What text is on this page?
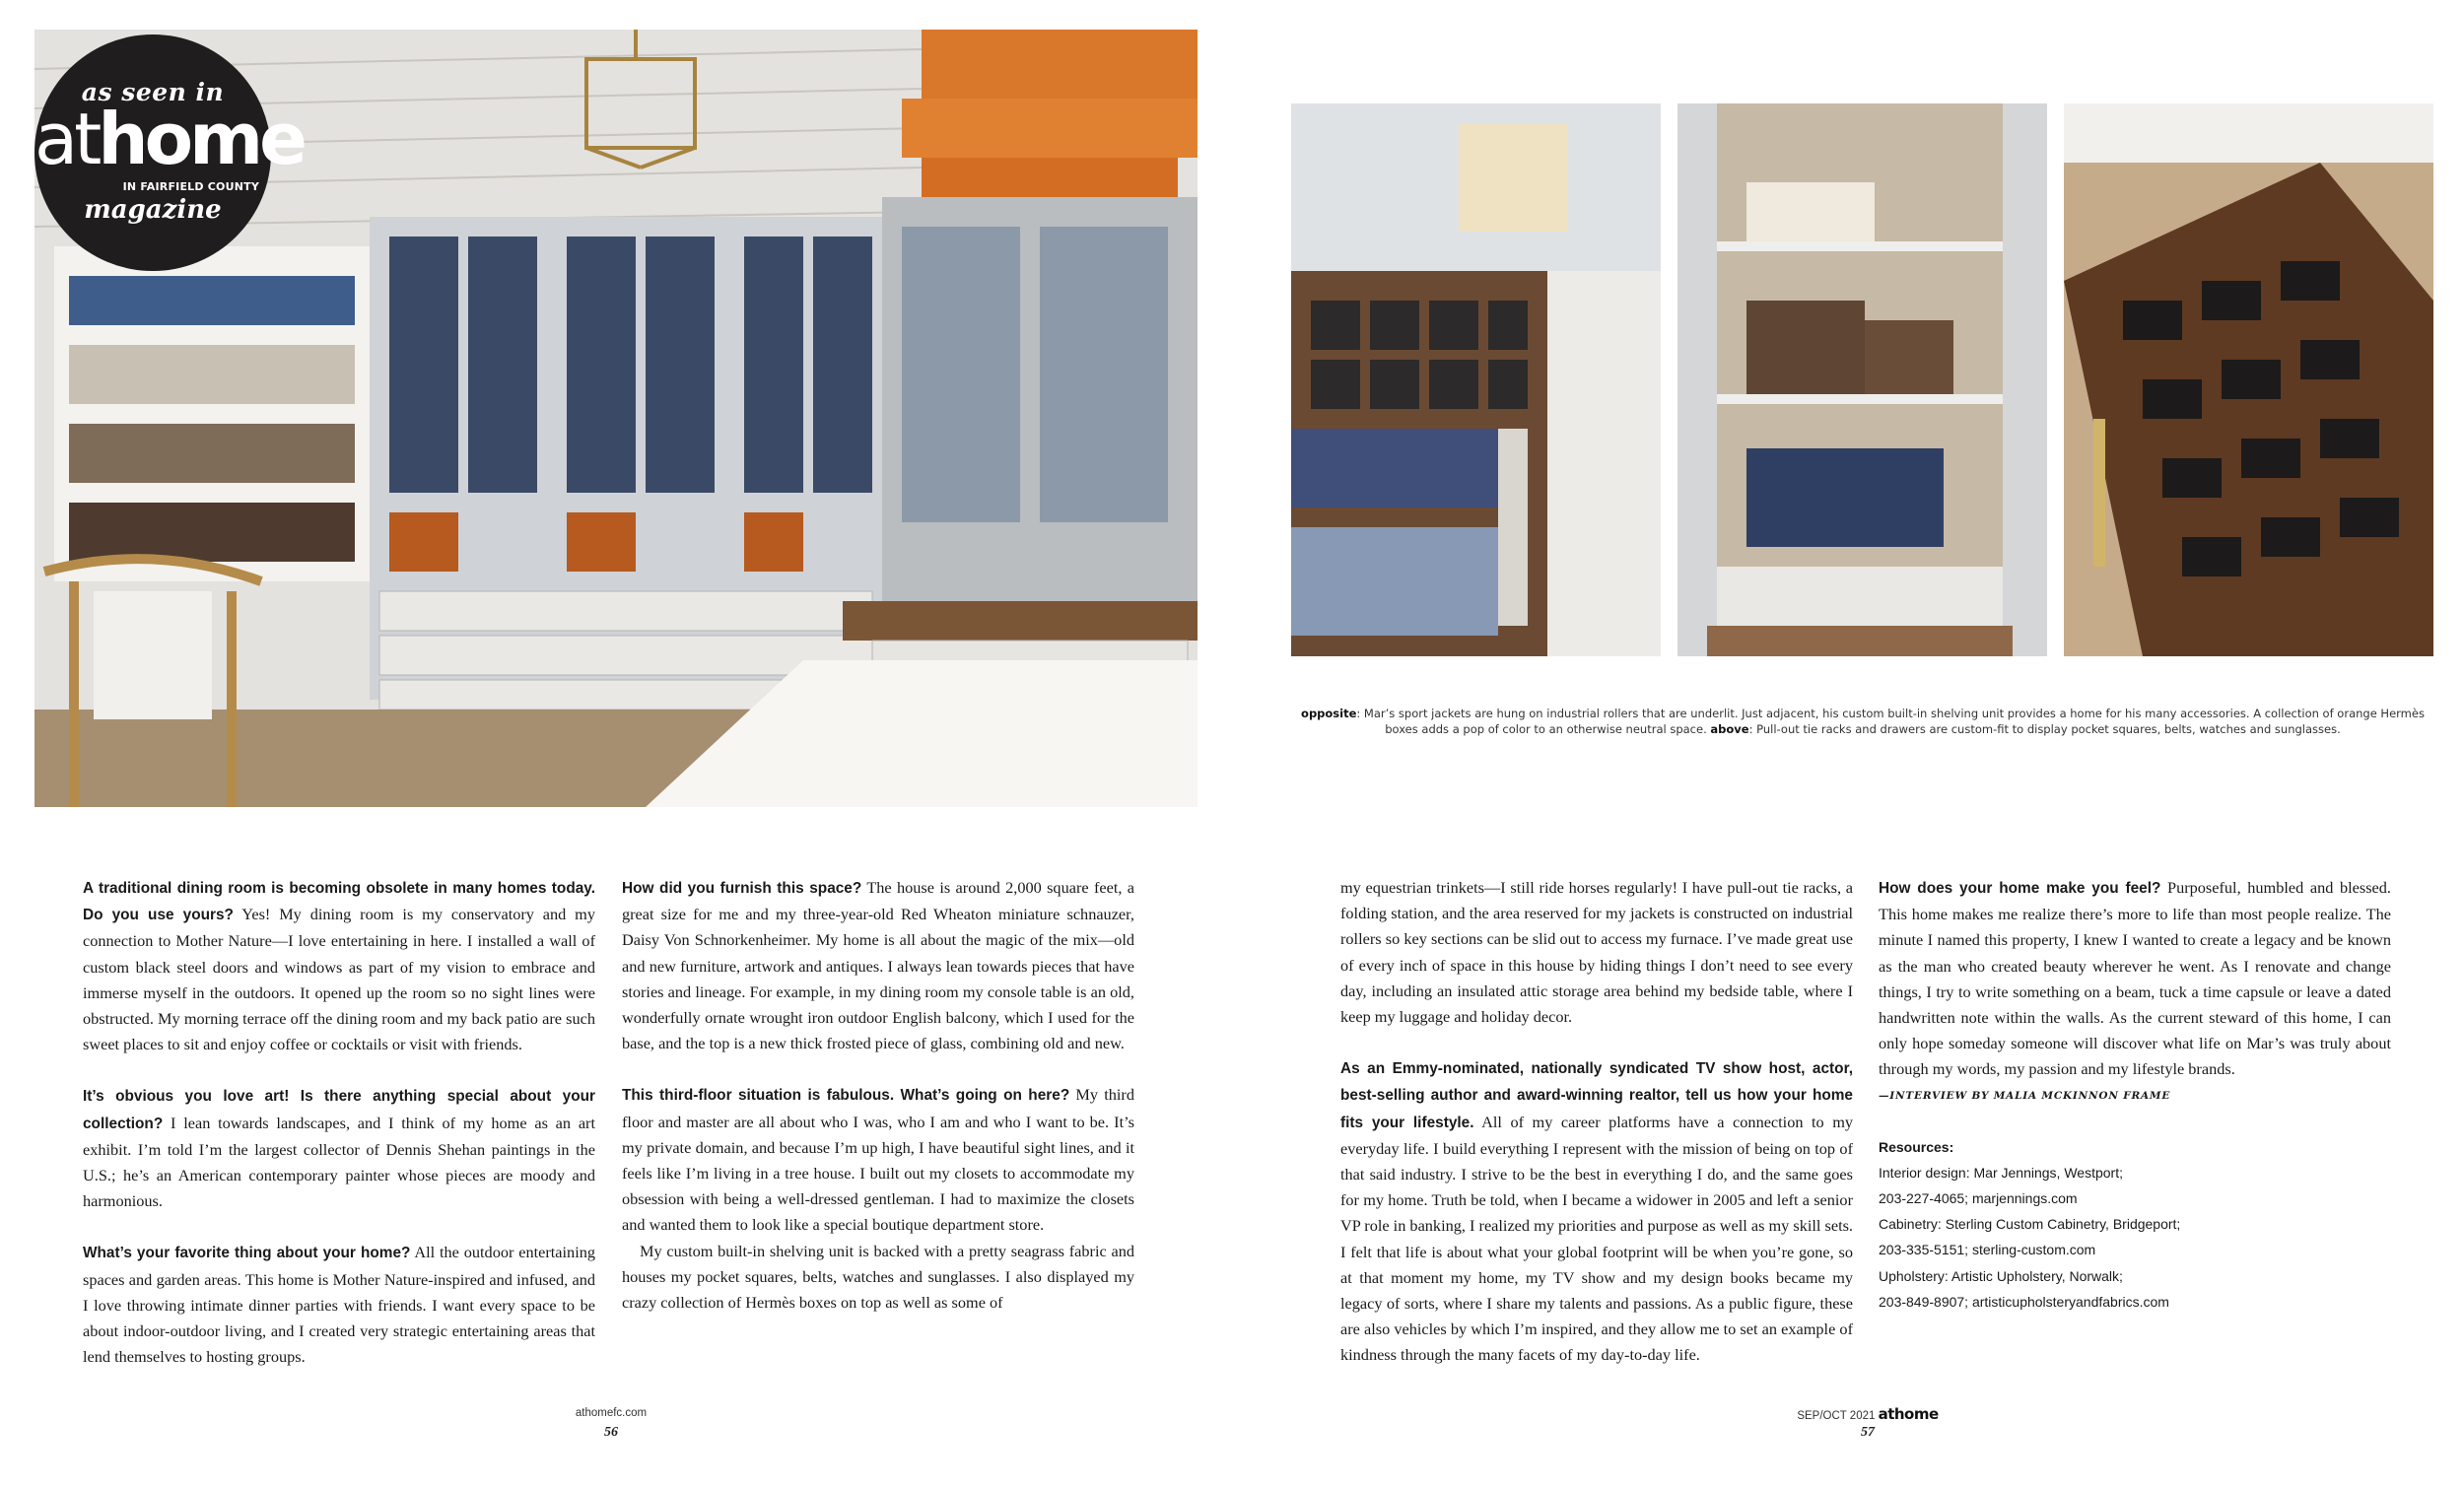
as seen in
athome
IN FAIRFIELD COUNTY
magazine
opposite: Mar’s sport jackets are hung on industrial rollers that are underlit. Just adjacent, his custom built-in shelving unit provides a home for his many accessories. A collection of orange Hermès boxes adds a pop of color to an otherwise neutral space. above: Pull-out tie racks and drawers are custom-fit to display pocket squares, belts, watches and sunglasses.

A traditional dining room is becoming obsolete in many homes today. Do you use yours? Yes! My dining room is my conservatory and my connection to Mother Nature—I love entertaining in here. I installed a wall of custom black steel doors and windows as part of my vision to embrace and immerse myself in the outdoors. It opened up the room so no sight lines were obstructed. My morning terrace off the dining room and my back patio are such sweet places to sit and enjoy coffee or cocktails or visit with friends.

It’s obvious you love art! Is there anything special about your collection? I lean towards landscapes, and I think of my home as an art exhibit. I’m told I’m the largest collector of Dennis Shehan paintings in the U.S.; he’s an American contemporary painter whose pieces are moody and harmonious.

What’s your favorite thing about your home? All the outdoor entertaining spaces and garden areas. This home is Mother Nature-inspired and infused, and I love throwing intimate dinner parties with friends. I want every space to be about indoor-outdoor living, and I created very strategic entertaining areas that lend themselves to hosting groups.

How did you furnish this space? The house is around 2,000 square feet, a great size for me and my three-year-old Red Wheaton miniature schnauzer, Daisy Von Schnorkenheimer. My home is all about the magic of the mix—old and new furniture, artwork and antiques. I always lean towards pieces that have stories and lineage. For example, in my dining room my console table is an old, wonderfully ornate wrought iron outdoor English balcony, which I used for the base, and the top is a new thick frosted piece of glass, combining old and new.

This third-floor situation is fabulous. What’s going on here? My third floor and master are all about who I was, who I am and who I want to be. It’s my private domain, and because I’m up high, I have beautiful sight lines, and it feels like I’m living in a tree house. I built out my closets to accommodate my obsession with being a well-dressed gentleman. I had to maximize the closets and wanted them to look like a special boutique department store.

My custom built-in shelving unit is backed with a pretty seagrass fabric and houses my pocket squares, belts, watches and sunglasses. I also displayed my crazy collection of Hermès boxes on top as well as some of

my equestrian trinkets—I still ride horses regularly! I have pull-out tie racks, a folding station, and the area reserved for my jackets is constructed on industrial rollers so key sections can be slid out to access my furnace. I’ve made great use of every inch of space in this house by hiding things I don’t need to see every day, including an insulated attic storage area behind my bedside table, where I keep my luggage and holiday decor.

As an Emmy-nominated, nationally syndicated TV show host, actor, best-selling author and award-winning realtor, tell us how your home fits your lifestyle. All of my career platforms have a connection to my everyday life. I build everything I represent with the mission of being on top of that said industry. I strive to be the best in everything I do, and the same goes for my home. Truth be told, when I became a widower in 2005 and left a senior VP role in banking, I realized my priorities and purpose as well as my skill sets. I felt that life is about what your global footprint will be when you’re gone, so at that moment my home, my TV show and my design books became my legacy of sorts, where I share my talents and passions. As a public figure, these are also vehicles by which I’m inspired, and they allow me to set an example of kindness through the many facets of my day-to-day life.

How does your home make you feel? Purposeful, humbled and blessed. This home makes me realize there’s more to life than most people realize. The minute I named this property, I knew I wanted to create a legacy and be known as the man who created beauty wherever he went. As I renovate and change things, I try to write something on a beam, tuck a time capsule or leave a dated handwritten note within the walls. As the current steward of this home, I can only hope someday someone will discover what life on Mar’s was truly about through my words, my passion and my lifestyle brands.

—INTERVIEW BY MALIA MCKINNON FRAME
Resources:
Interior design: Mar Jennings, Westport;
203-227-4065; marjennings.com
Cabinetry: Sterling Custom Cabinetry, Bridgeport;
203-335-5151; sterling-custom.com
Upholstery: Artistic Upholstery, Norwalk;
203-849-8907; artisticupholsteryandfabrics.com
athomefc.com
56
SEP/OCT 2021 athome
57
